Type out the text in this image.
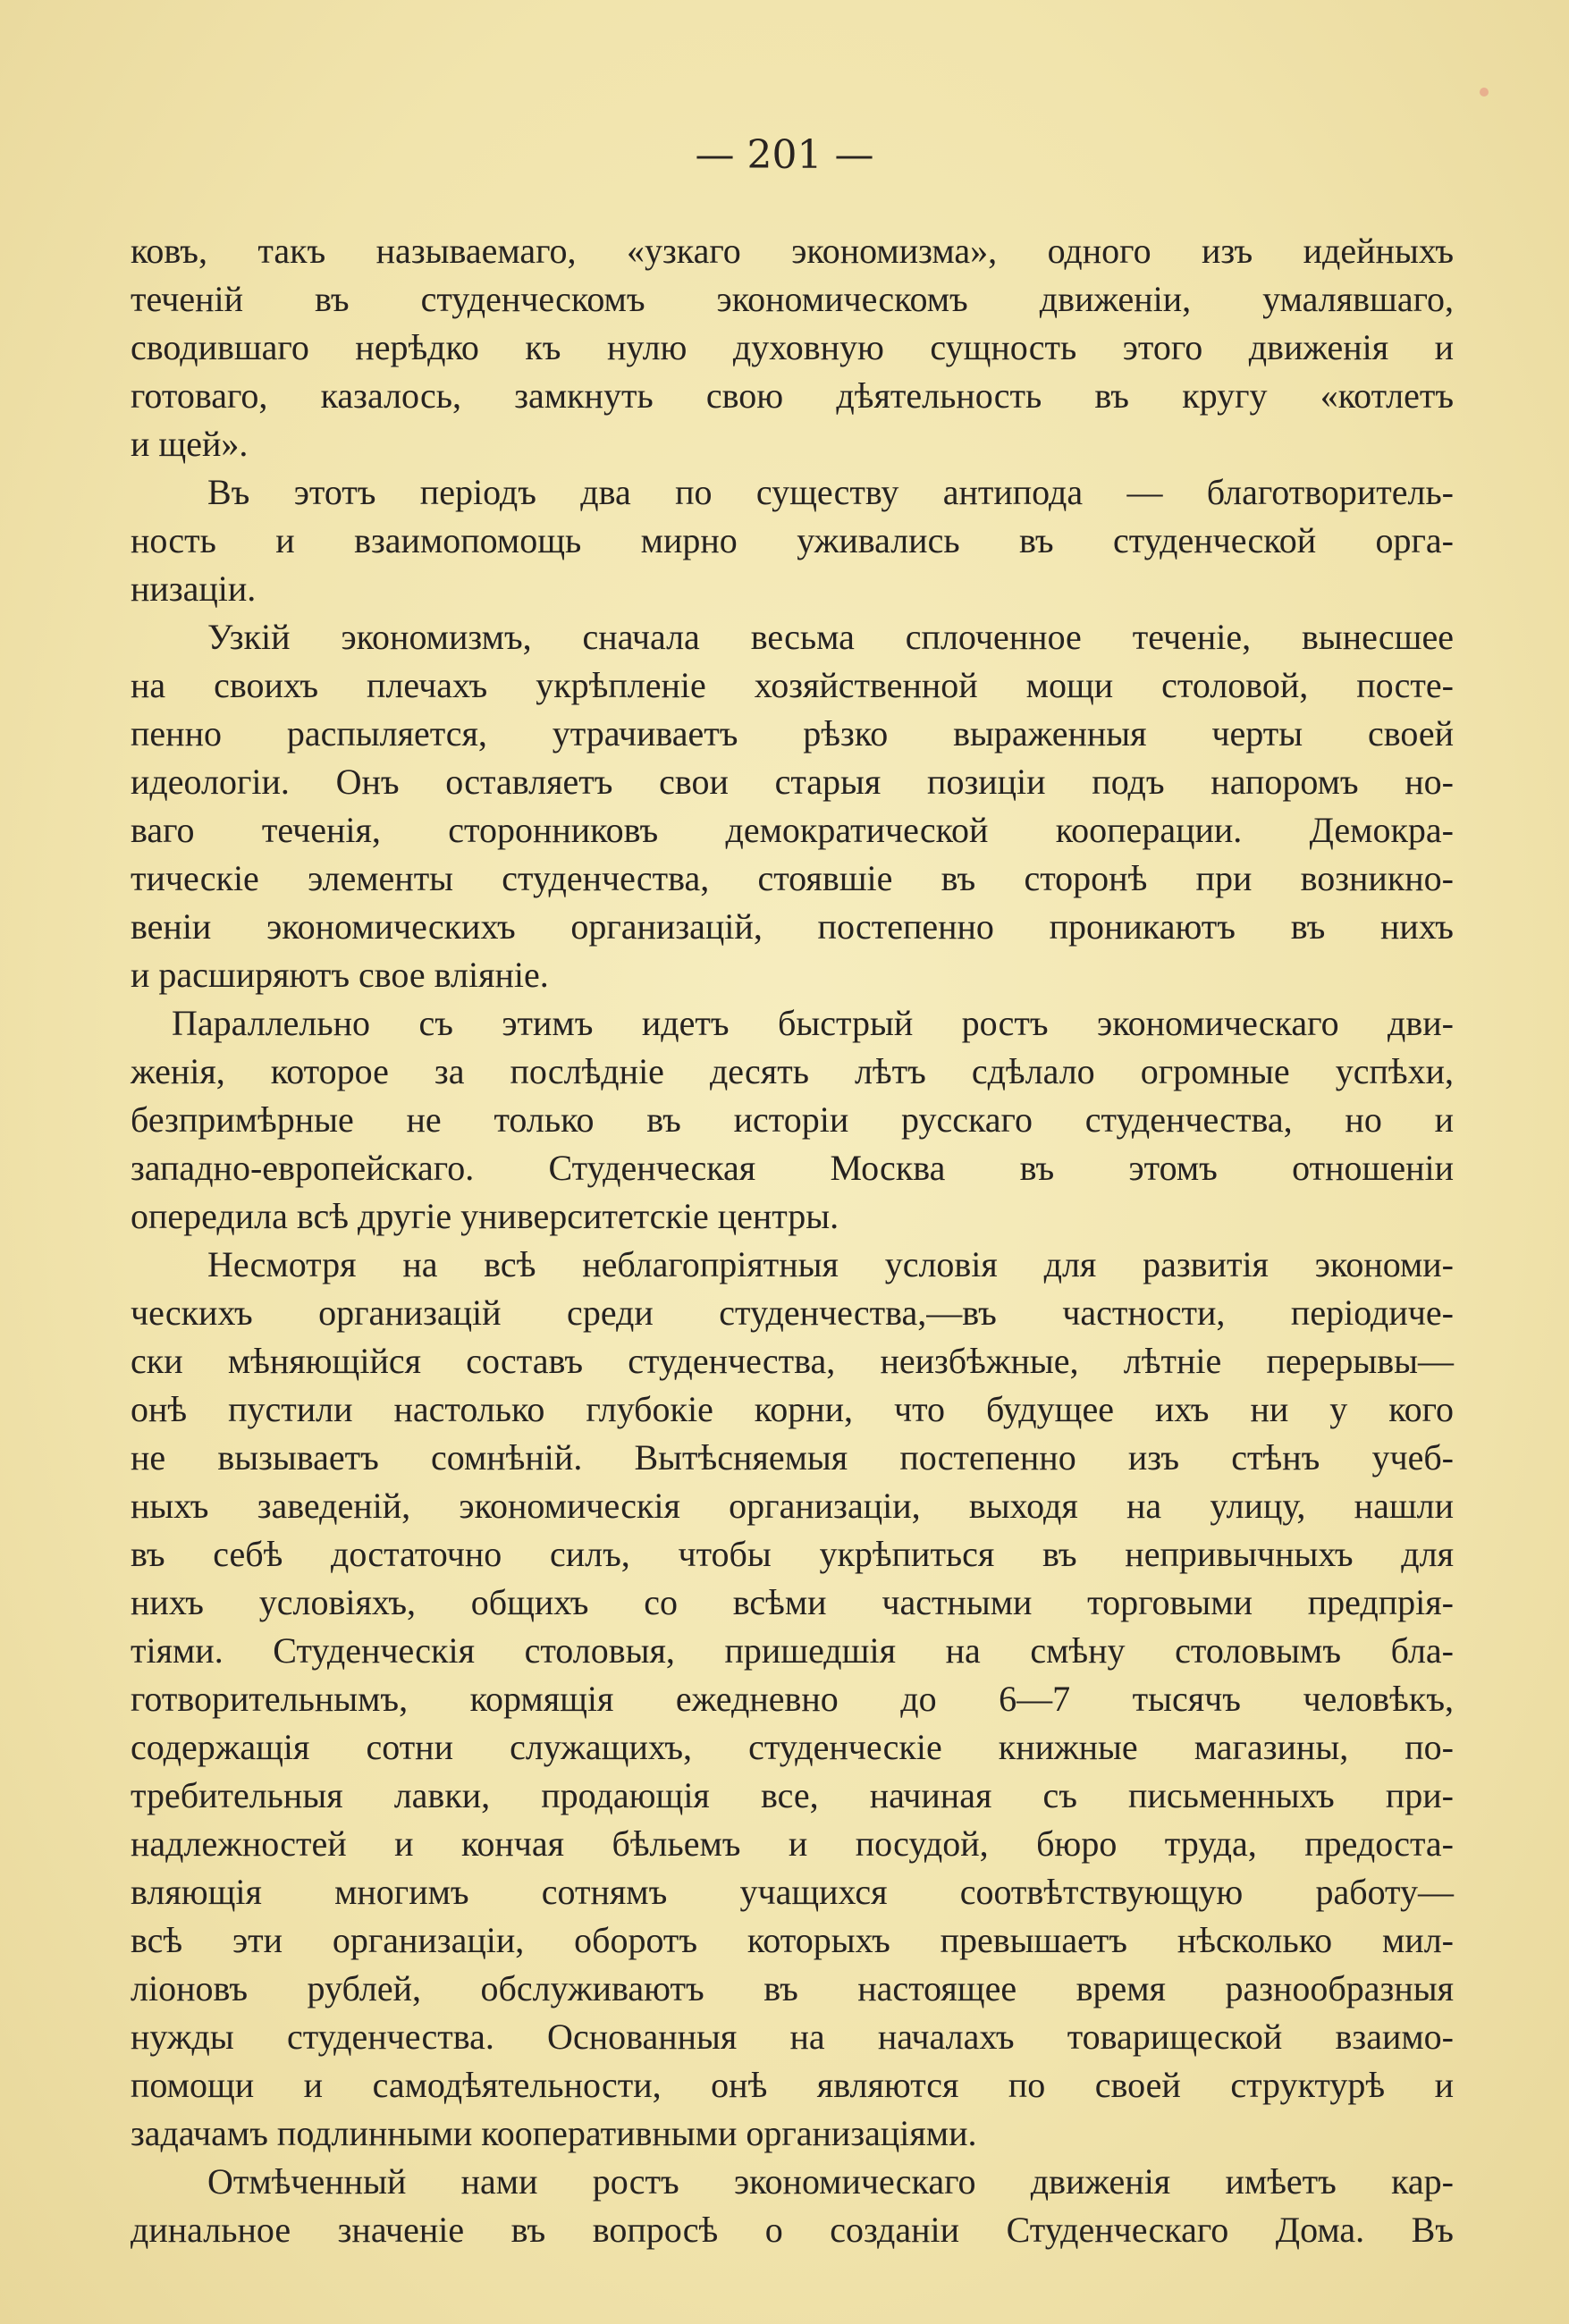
— 201 —
ковъ, такъ называемаго, «узкаго экономизма», одного изъ идейныхъ
теченій въ студенческомъ экономическомъ движеніи, умалявшаго,
сводившаго нерѣдко къ нулю духовную сущность этого движенія и
готоваго, казалось, замкнуть свою дѣятельность въ кругу «котлетъ
и щей».
Въ этотъ періодъ два по существу антипода — благотворитель-
ность и взаимопомощь мирно уживались въ студенческой орга-
низаціи.
Узкій экономизмъ, сначала весьма сплоченное теченіе, вынесшее
на своихъ плечахъ укрѣпленіе хозяйственной мощи столовой, посте-
пенно распыляется, утрачиваетъ рѣзко выраженныя черты своей
идеологіи. Онъ оставляетъ свои старыя позиціи подъ напоромъ но-
ваго теченія, сторонниковъ демократической кооперации. Демокра-
тическіе элементы студенчества, стоявшіе въ сторонѣ при возникно-
веніи экономическихъ организацій, постепенно проникаютъ въ нихъ
и расширяютъ свое вліяніе.
Параллельно съ этимъ идетъ быстрый ростъ экономическаго дви-
женія, которое за послѣдніе десять лѣтъ сдѣлало огромные успѣхи,
безпримѣрные не только въ исторіи русскаго студенчества, но и
западно-европейскаго. Студенческая Москва въ этомъ отношеніи
опередила всѣ другіе университетскіе центры.
Несмотря на всѣ неблагопріятныя условія для развитія экономи-
ческихъ организацій среди студенчества,—въ частности, періодиче-
ски мѣняющійся составъ студенчества, неизбѣжные, лѣтніе перерывы—
онѣ пустили настолько глубокіе корни, что будущее ихъ ни у кого
не вызываетъ сомнѣній. Вытѣсняемыя постепенно изъ стѣнъ учеб-
ныхъ заведеній, экономическія организаціи, выходя на улицу, нашли
въ себѣ достаточно силъ, чтобы укрѣпиться въ непривычныхъ для
нихъ условіяхъ, общихъ со всѣми частными торговыми предпрія-
тіями. Студенческія столовыя, пришедшія на смѣну столовымъ бла-
готворительнымъ, кормящія ежедневно до 6—7 тысячъ человѣкъ,
содержащія сотни служащихъ, студенческіе книжные магазины, по-
требительныя лавки, продающія все, начиная съ письменныхъ при-
надлежностей и кончая бѣльемъ и посудой, бюро труда, предоста-
вляющія многимъ сотнямъ учащихся соотвѣтствующую работу—
всѣ эти организаціи, оборотъ которыхъ превышаетъ нѣсколько мил-
ліоновъ рублей, обслуживаютъ въ настоящее время разнообразныя
нужды студенчества. Основанныя на началахъ товарищеской взаимо-
помощи и самодѣятельности, онѣ являются по своей структурѣ и
задачамъ подлинными кооперативными организаціями.
Отмѣченный нами ростъ экономическаго движенія имѣетъ кар-
динальное значеніе въ вопросѣ о созданіи Студенческаго Дома. Въ
